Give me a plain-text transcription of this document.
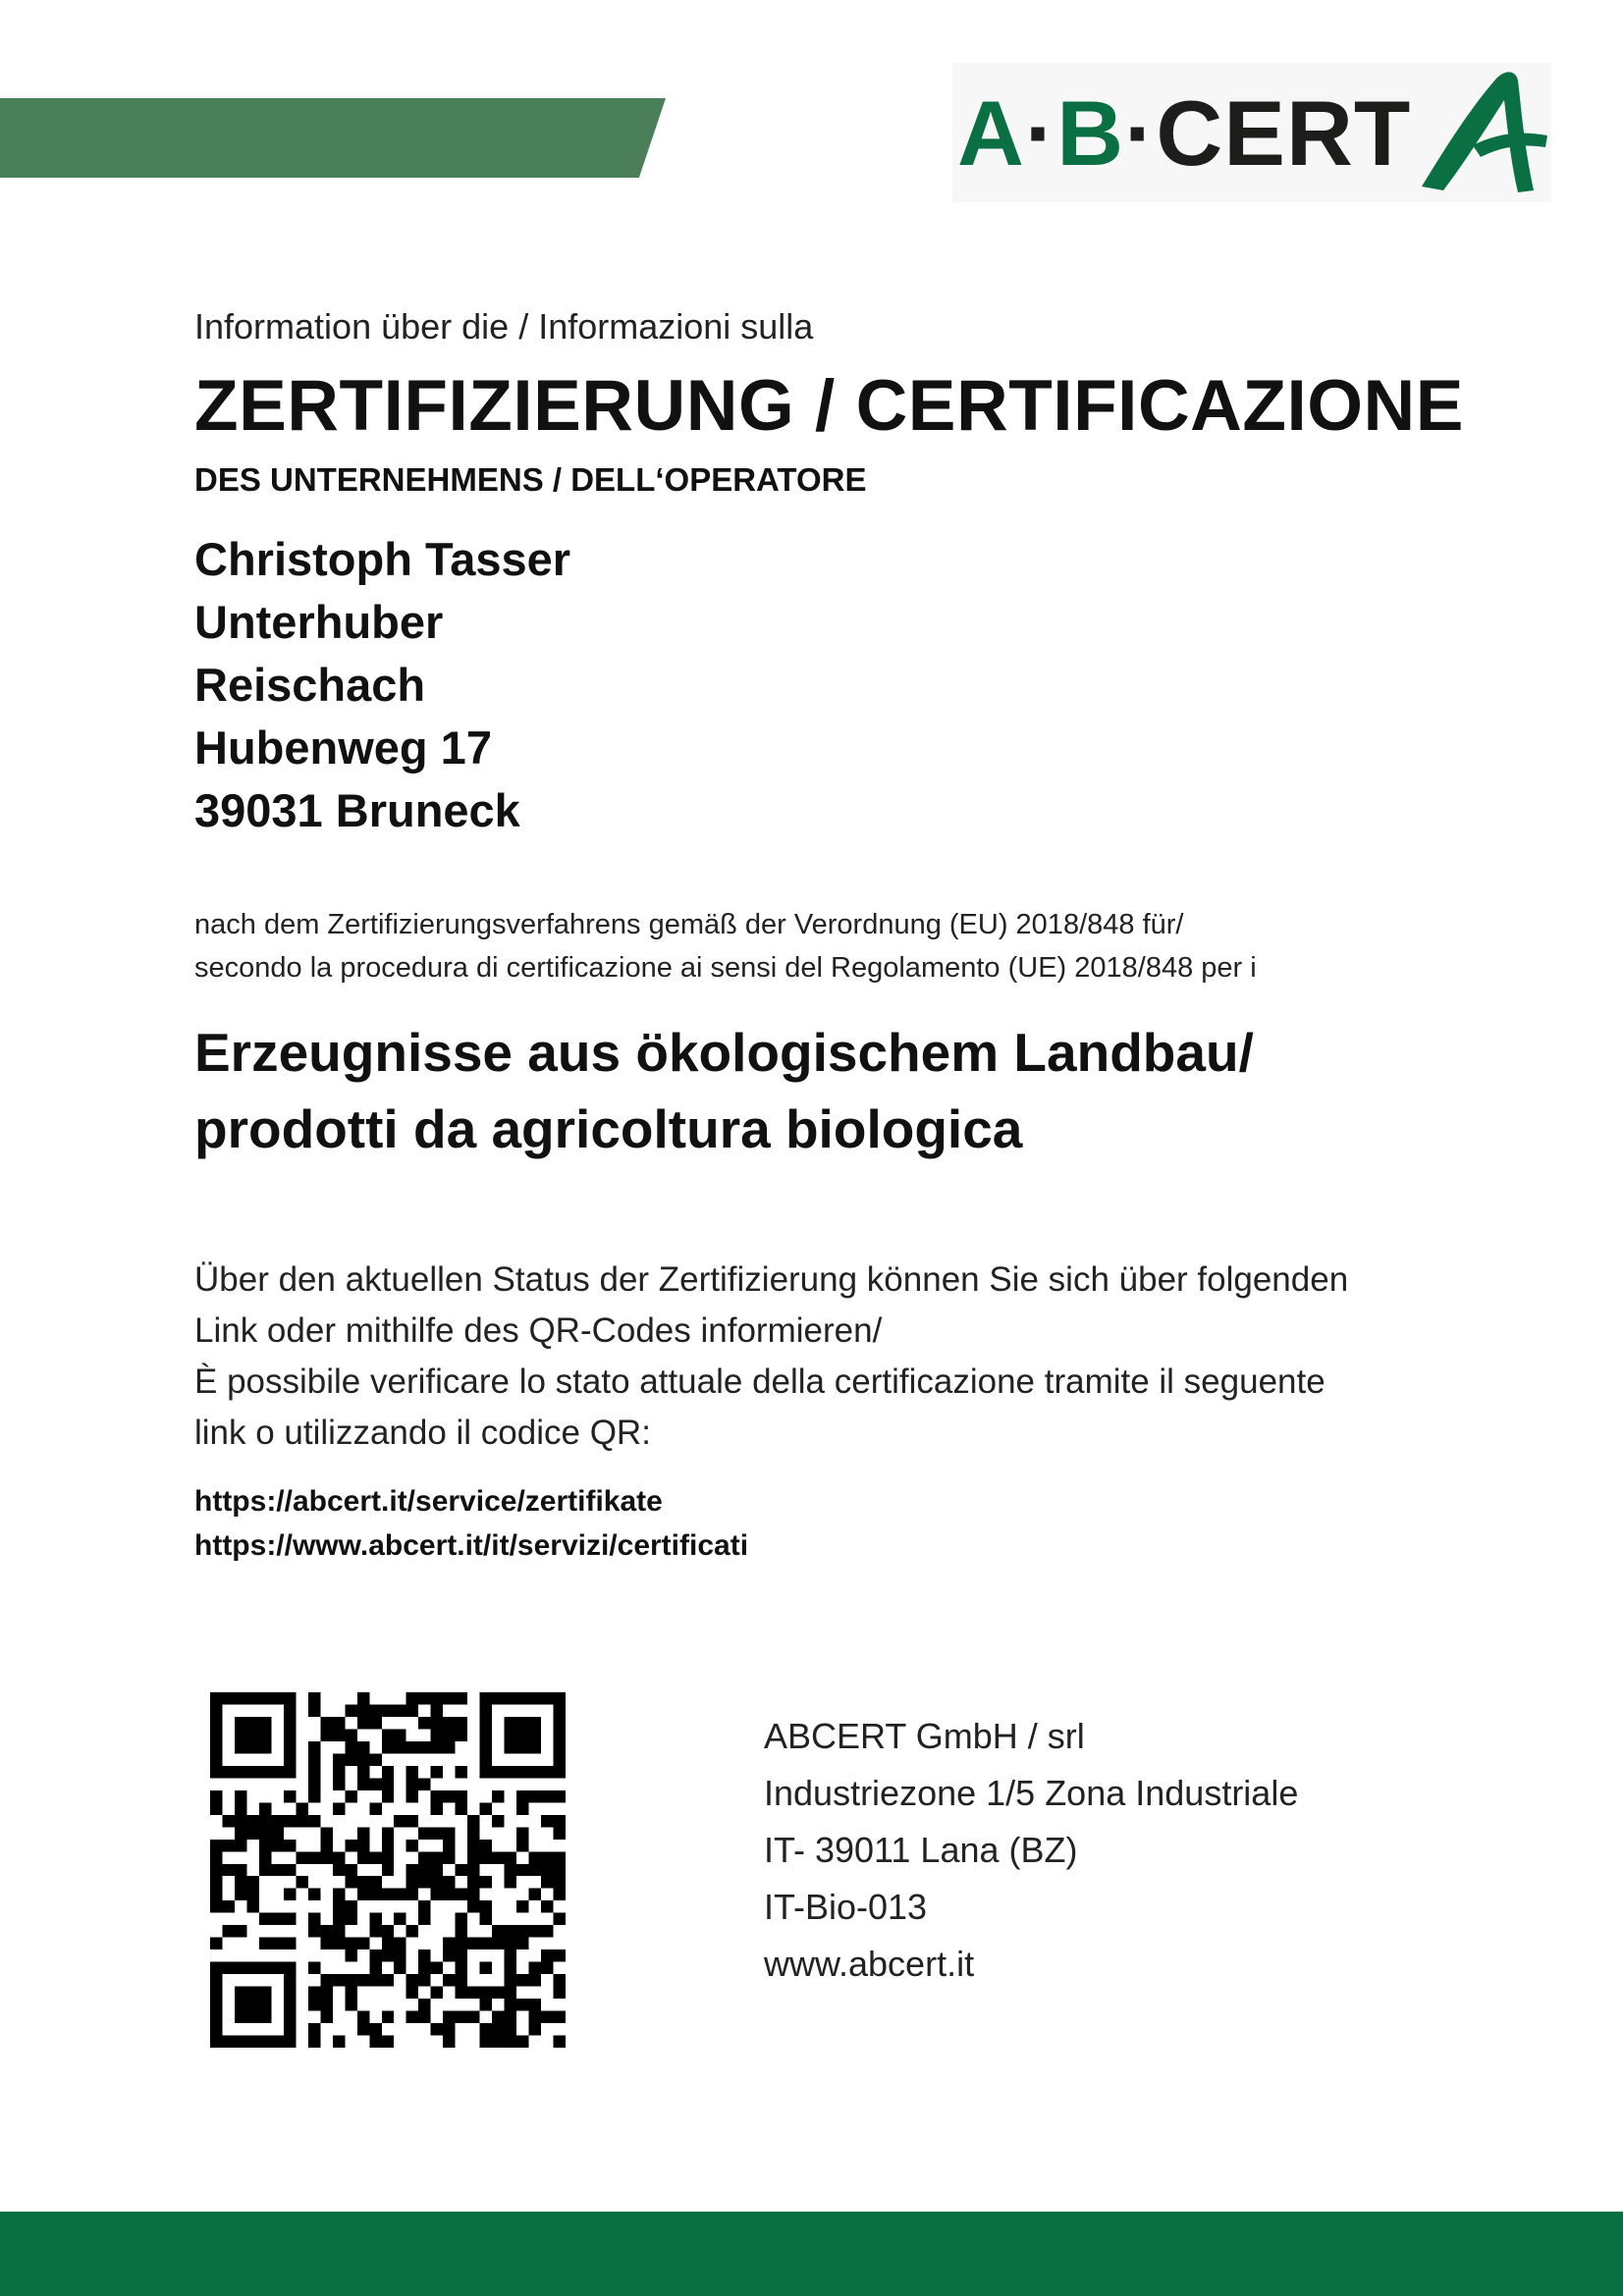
A·B·CERT
Information über die / Informazioni sulla
ZERTIFIZIERUNG / CERTIFICAZIONE
DES UNTERNEHMENS / DELL‘OPERATORE
Christoph Tasser
Unterhuber
Reischach
Hubenweg 17
39031 Bruneck
nach dem Zertifizierungsverfahrens gemäß der Verordnung (EU) 2018/848 für/
secondo la procedura di certificazione ai sensi del Regolamento (UE) 2018/848 per i
Erzeugnisse aus ökologischem Landbau/
prodotti da agricoltura biologica
Über den aktuellen Status der Zertifizierung können Sie sich über folgenden
Link oder mithilfe des QR-Codes informieren/
È possibile verificare lo stato attuale della certificazione tramite il seguente
link o utilizzando il codice QR:
https://abcert.it/service/zertifikate
https://www.abcert.it/it/servizi/certificati
ABCERT GmbH / srl
Industriezone 1/5 Zona Industriale
IT- 39011 Lana (BZ)
IT-Bio-013
www.abcert.it
